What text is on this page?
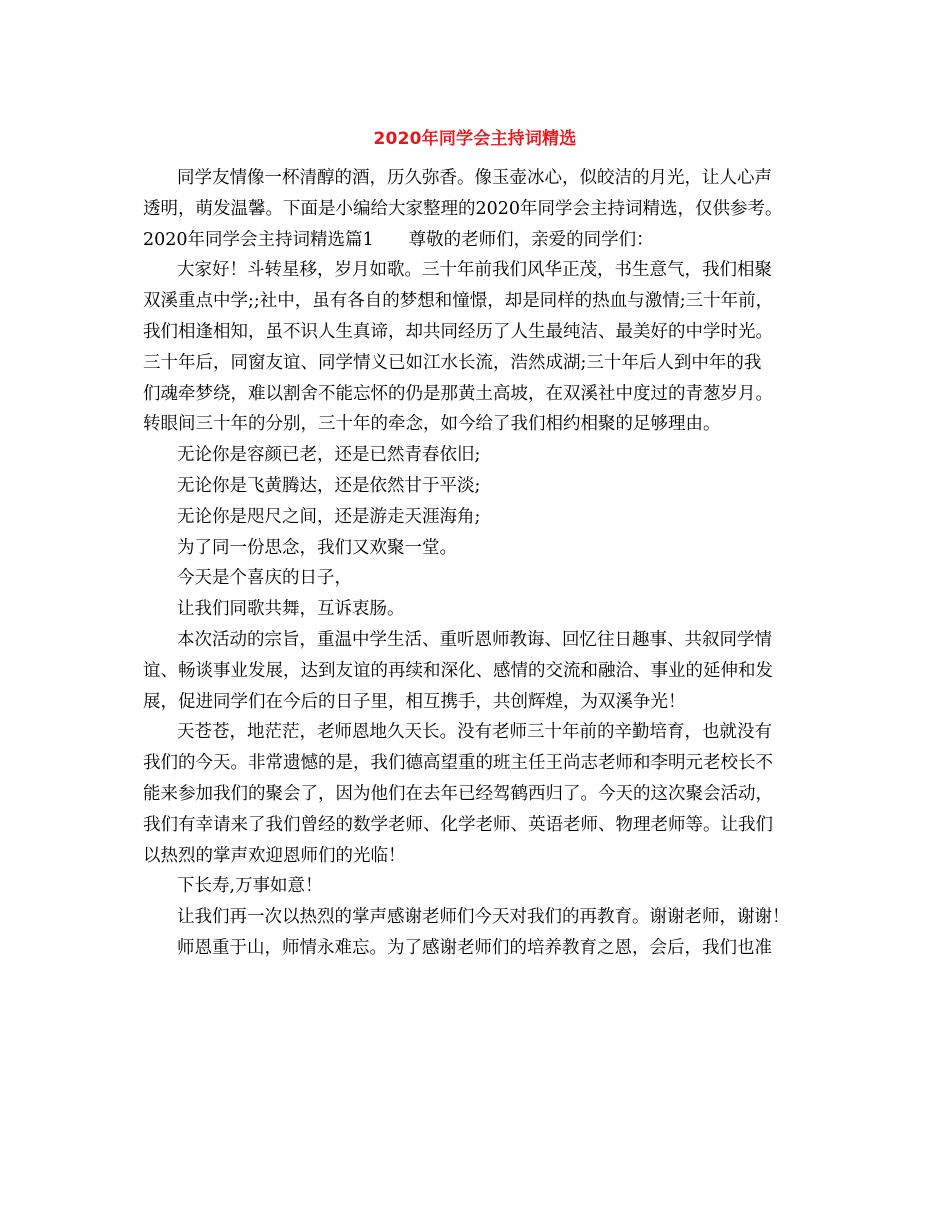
2020年同学会主持词精选
同学友情像一杯清醇的酒，历久弥香。像玉壶冰心，似皎洁的月光，让人心声
透明，萌发温馨。下面是小编给大家整理的2020年同学会主持词精选，仅供参考。
2020年同学会主持词精选篇1　　尊敬的老师们，亲爱的同学们：
大家好！斗转星移，岁月如歌。三十年前我们风华正茂，书生意气，我们相聚
双溪重点中学;;社中，虽有各自的梦想和憧憬，却是同样的热血与激情;三十年前，
我们相逢相知，虽不识人生真谛，却共同经历了人生最纯洁、最美好的中学时光。
三十年后，同窗友谊、同学情义已如江水长流，浩然成湖;三十年后人到中年的我
们魂牵梦绕，难以割舍不能忘怀的仍是那黄土高坡，在双溪社中度过的青葱岁月。
转眼间三十年的分别，三十年的牵念，如今给了我们相约相聚的足够理由。
无论你是容颜已老，还是已然青春依旧;
无论你是飞黄腾达，还是依然甘于平淡;
无论你是咫尺之间，还是游走天涯海角;
为了同一份思念，我们又欢聚一堂。
今天是个喜庆的日子，
让我们同歌共舞，互诉衷肠。
本次活动的宗旨，重温中学生活、重听恩师教诲、回忆往日趣事、共叙同学情
谊、畅谈事业发展，达到友谊的再续和深化、感情的交流和融洽、事业的延伸和发
展，促进同学们在今后的日子里，相互携手，共创辉煌，为双溪争光！
天苍苍，地茫茫，老师恩地久天长。没有老师三十年前的辛勤培育，也就没有
我们的今天。非常遗憾的是，我们德高望重的班主任王尚志老师和李明元老校长不
能来参加我们的聚会了，因为他们在去年已经驾鹤西归了。今天的这次聚会活动，
我们有幸请来了我们曾经的数学老师、化学老师、英语老师、物理老师等。让我们
以热烈的掌声欢迎恩师们的光临！
下长寿,万事如意！
让我们再一次以热烈的掌声感谢老师们今天对我们的再教育。谢谢老师，谢谢！
师恩重于山，师情永难忘。为了感谢老师们的培养教育之恩，会后，我们也准
